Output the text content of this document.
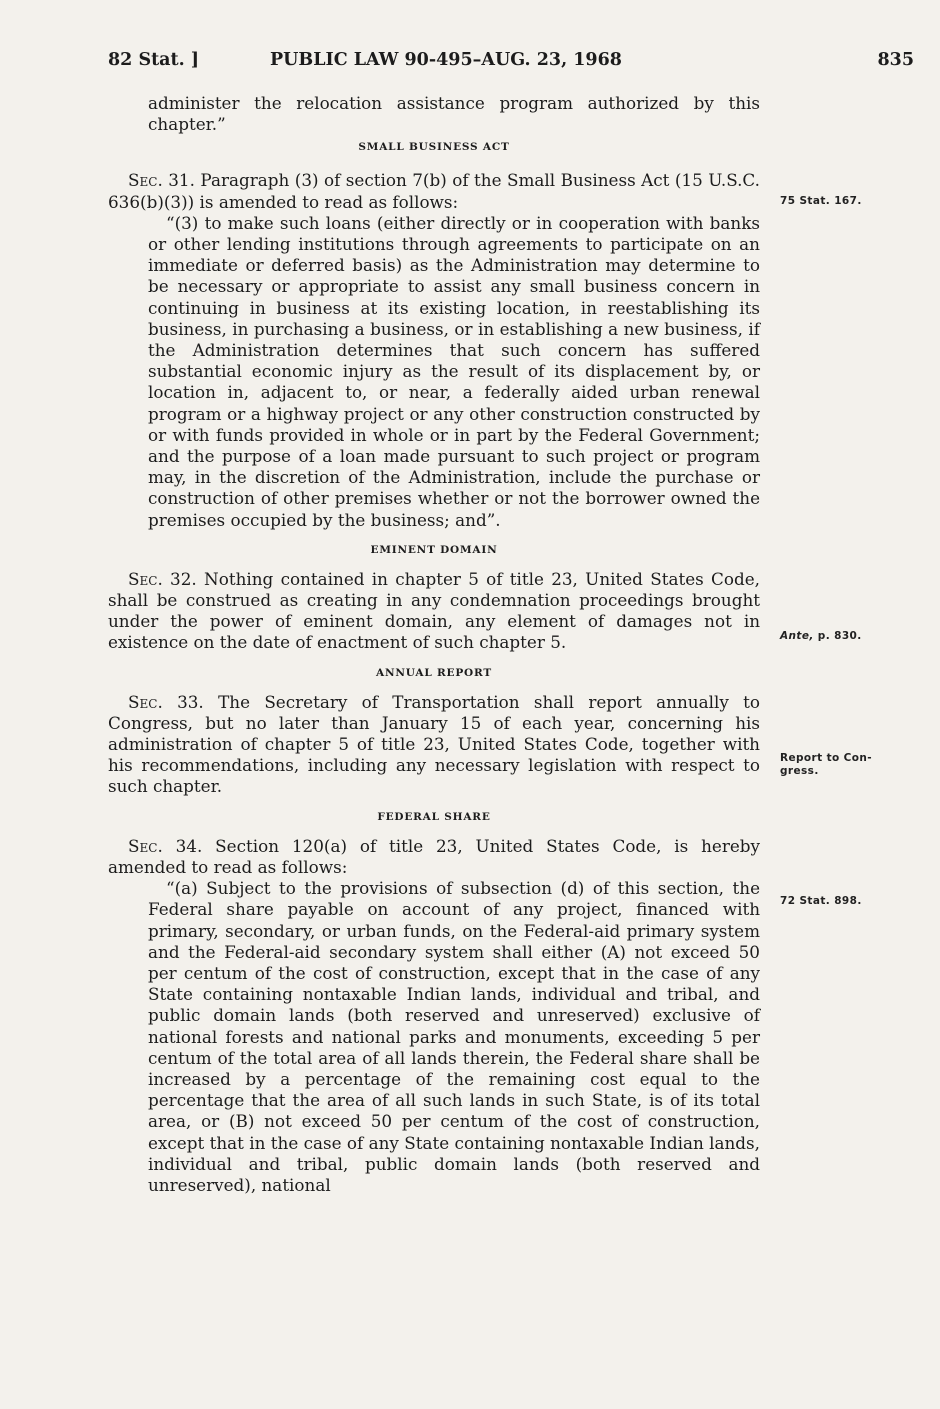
82 Stat. ]	PUBLIC LAW 90-495–AUG. 23, 1968	835

administer the relocation assistance program authorized by this chapter.”

SMALL BUSINESS ACT

Sec. 31. Paragraph (3) of section 7(b) of the Small Business Act (15 U.S.C. 636(b)(3)) is amended to read as follows:

“(3) to make such loans (either directly or in cooperation with banks or other lending institutions through agreements to participate on an immediate or deferred basis) as the Administration may determine to be necessary or appropriate to assist any small business concern in continuing in business at its existing location, in reestablishing its business, in purchasing a business, or in establishing a new business, if the Administration determines that such concern has suffered substantial economic injury as the result of its displacement by, or location in, adjacent to, or near, a federally aided urban renewal program or a highway project or any other construction constructed by or with funds provided in whole or in part by the Federal Government; and the purpose of a loan made pursuant to such project or program may, in the discretion of the Administration, include the purchase or construction of other premises whether or not the borrower owned the premises occupied by the business; and”.

EMINENT DOMAIN

Sec. 32. Nothing contained in chapter 5 of title 23, United States Code, shall be construed as creating in any condemnation proceedings brought under the power of eminent domain, any element of damages not in existence on the date of enactment of such chapter 5.

ANNUAL REPORT

Sec. 33. The Secretary of Transportation shall report annually to Congress, but no later than January 15 of each year, concerning his administration of chapter 5 of title 23, United States Code, together with his recommendations, including any necessary legislation with respect to such chapter.

FEDERAL SHARE

Sec. 34. Section 120(a) of title 23, United States Code, is hereby amended to read as follows:

“(a) Subject to the provisions of subsection (d) of this section, the Federal share payable on account of any project, financed with primary, secondary, or urban funds, on the Federal-aid primary system and the Federal-aid secondary system shall either (A) not exceed 50 per centum of the cost of construction, except that in the case of any State containing nontaxable Indian lands, individual and tribal, and public domain lands (both reserved and unreserved) exclusive of national forests and national parks and monuments, exceeding 5 per centum of the total area of all lands therein, the Federal share shall be increased by a percentage of the remaining cost equal to the percentage that the area of all such lands in such State, is of its total area, or (B) not exceed 50 per centum of the cost of construction, except that in the case of any State containing nontaxable Indian lands, individual and tribal, public domain lands (both reserved and unreserved), national

75 Stat. 167.
Ante, p. 830.
Report to Con-
gress.
72 Stat. 898.
